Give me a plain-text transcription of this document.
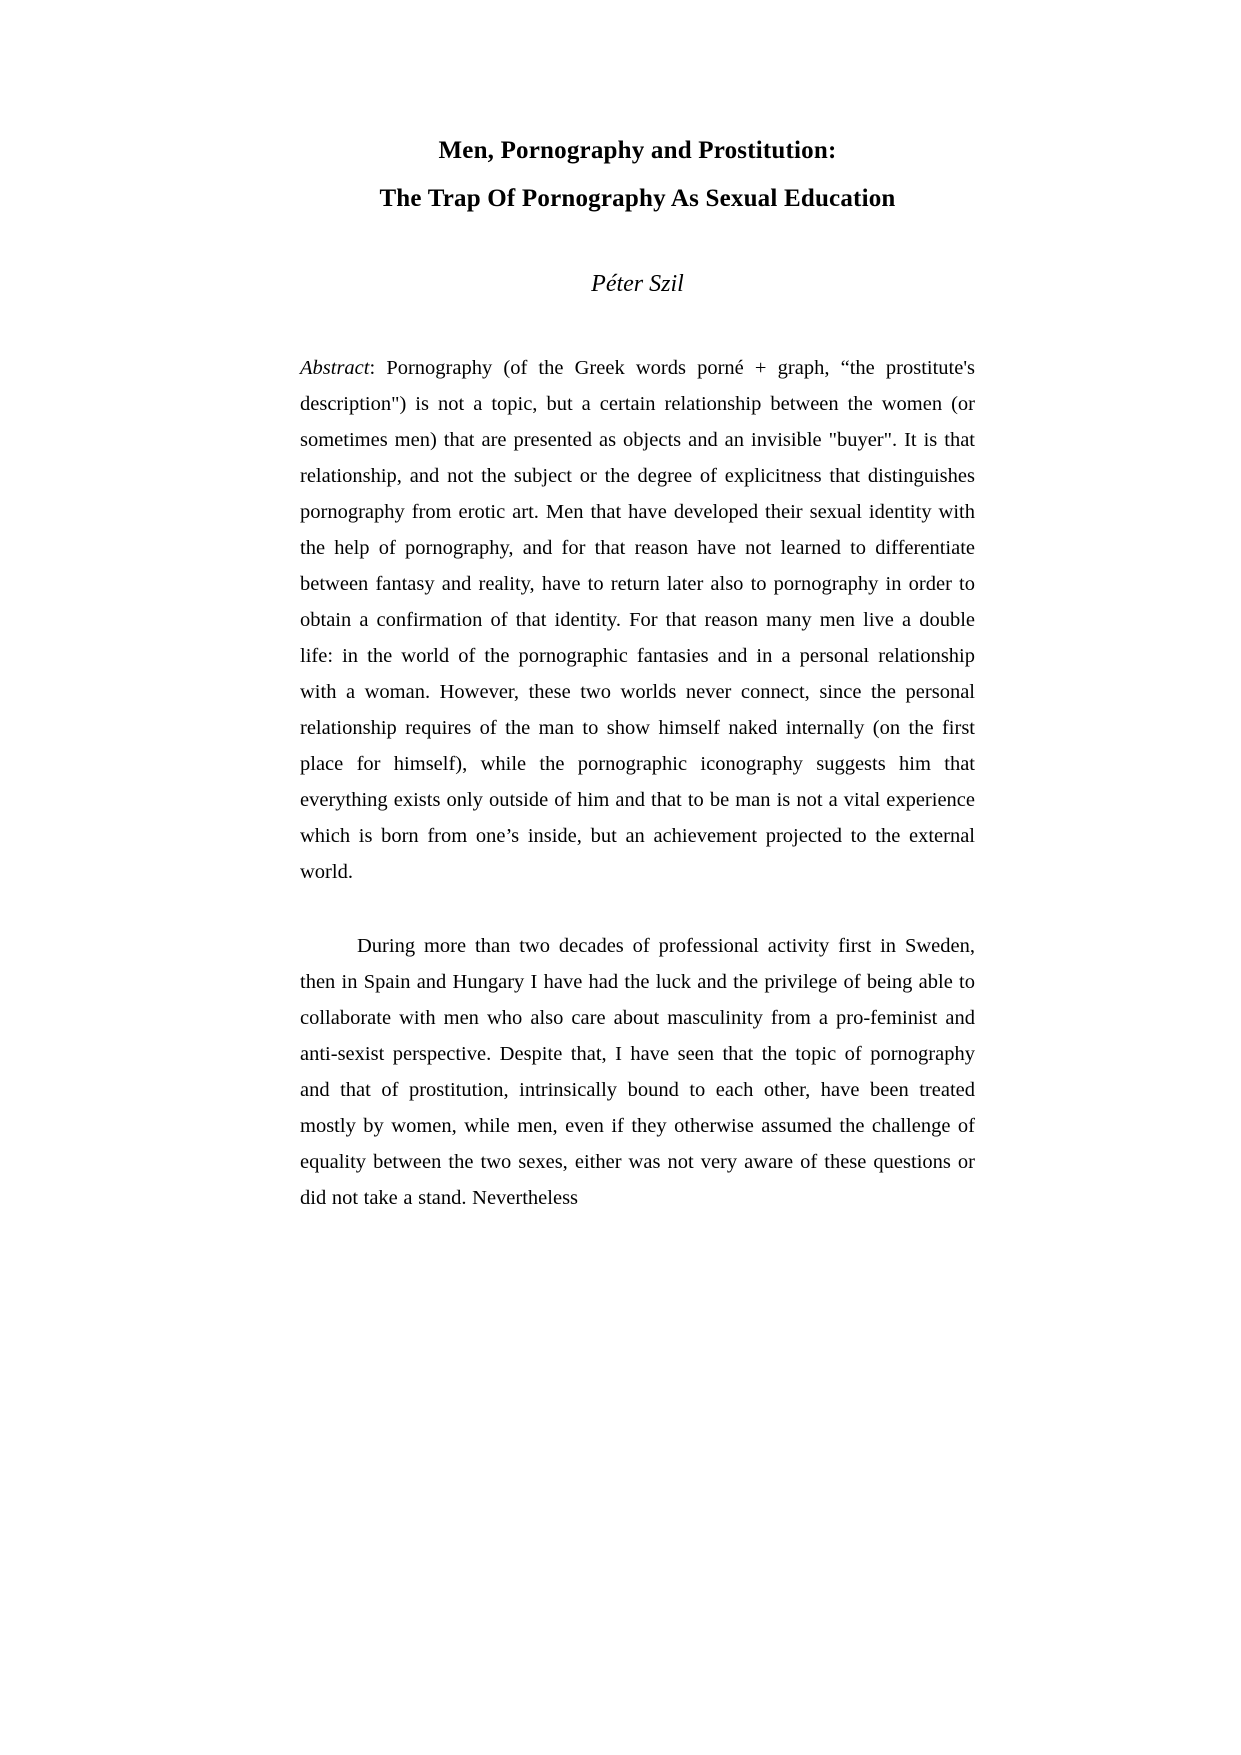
Men, Pornography and Prostitution:
The Trap Of Pornography As Sexual Education
Péter Szil

Abstract: Pornography (of the Greek words porné + graph, “the prostitute's description") is not a topic, but a certain relationship between the women (or sometimes men) that are presented as objects and an invisible "buyer". It is that relationship, and not the subject or the degree of explicitness that distinguishes pornography from erotic art. Men that have developed their sexual identity with the help of pornography, and for that reason have not learned to differentiate between fantasy and reality, have to return later also to pornography in order to obtain a confirmation of that identity. For that reason many men live a double life: in the world of the pornographic fantasies and in a personal relationship with a woman. However, these two worlds never connect, since the personal relationship requires of the man to show himself naked internally (on the first place for himself), while the pornographic iconography suggests him that everything exists only outside of him and that to be man is not a vital experience which is born from one’s inside, but an achievement projected to the external world.

During more than two decades of professional activity first in Sweden, then in Spain and Hungary I have had the luck and the privilege of being able to collaborate with men who also care about masculinity from a pro-feminist and anti-sexist perspective. Despite that, I have seen that the topic of pornography and that of prostitution, intrinsically bound to each other, have been treated mostly by women, while men, even if they otherwise assumed the challenge of equality between the two sexes, either was not very aware of these questions or did not take a stand. Nevertheless
